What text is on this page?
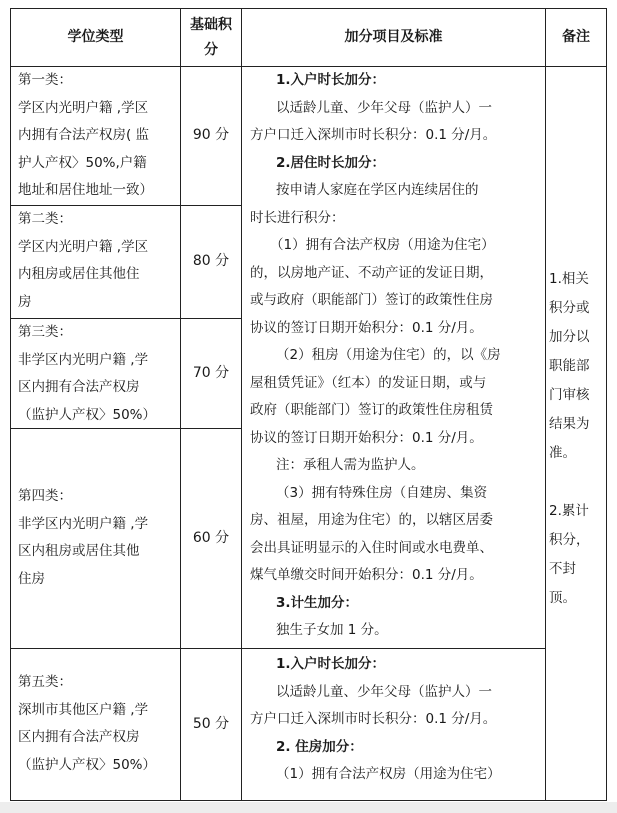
学位类型
基础积
分
加分项目及标准	备注
第一类：
学区内光明户籍 ,学区
内拥有合法产权房( 监
护人产权〉50%,户籍
地址和居住地址一致）
90 分
第二类：
学区内光明户籍 ,学区
内租房或居住其他住
房
80 分
第三类：
非学区内光明户籍 ,学
区内拥有合法产权房
（监护人产权〉50%）
70 分
第四类：
非学区内光明户籍 ,学
区内租房或居住其他
住房
60 分
第五类：
深圳市其他区户籍 ,学
区内拥有合法产权房
（监护人产权〉50%）
50 分
1.入户时长加分：
以适龄儿童、少年父母（监护人）一
方户口迁入深圳市时长积分：0.1 分/月。
2.居住时长加分：
按申请人家庭在学区内连续居住的
时长进行积分：
（1）拥有合法产权房（用途为住宅）
的，以房地产证、不动产证的发证日期，
或与政府（职能部门）签订的政策性住房
协议的签订日期开始积分：0.1 分/月。
（2）租房（用途为住宅）的，以《房
屋租赁凭证》（红本）的发证日期，或与
政府（职能部门）签订的政策性住房租赁
协议的签订日期开始积分：0.1 分/月。
注：承租人需为监护人。
（3）拥有特殊住房（自建房、集资
房、祖屋，用途为住宅）的，以辖区居委
会出具证明显示的入住时间或水电费单、
煤气单缴交时间开始积分：0.1 分/月。
3.计生加分：
独生子女加 1 分。
1.入户时长加分：
以适龄儿童、少年父母（监护人）一
方户口迁入深圳市时长积分：0.1 分/月。
2. 住房加分：
（1）拥有合法产权房（用途为住宅）
1.相关
积分或
加分以
职能部
门审核
结果为
准。
2.累计
积分，
不封
顶。
